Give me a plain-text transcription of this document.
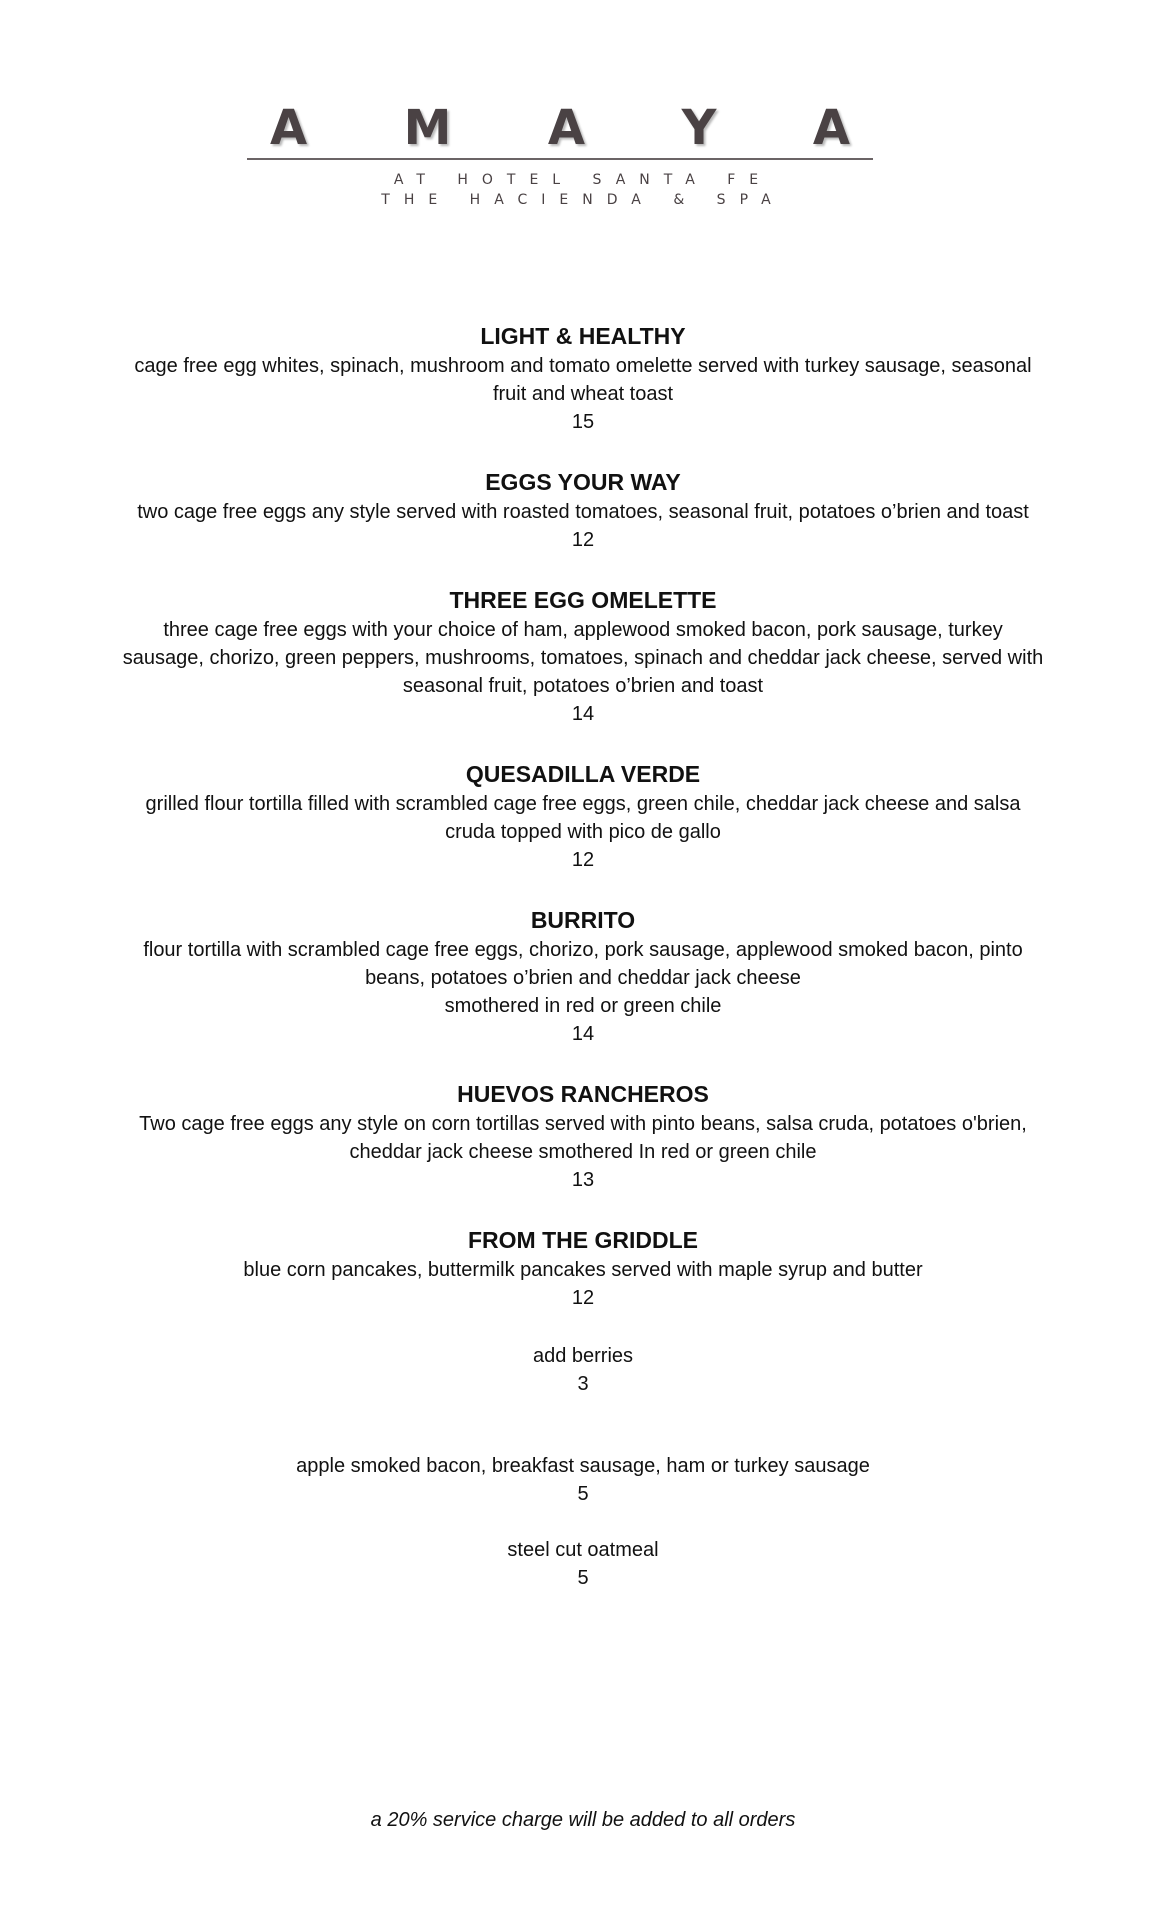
A M A Y A
AT HOTEL SANTA FE
THE HACIENDA & SPA
LIGHT & HEALTHY
cage free egg whites, spinach, mushroom and tomato omelette served with turkey sausage, seasonal fruit and wheat toast
15
EGGS YOUR WAY
two cage free eggs any style served with roasted tomatoes, seasonal fruit, potatoes o’brien and toast
12
THREE EGG OMELETTE
three cage free eggs with your choice of ham, applewood smoked bacon, pork sausage, turkey sausage, chorizo, green peppers, mushrooms, tomatoes, spinach and cheddar jack cheese, served with seasonal fruit, potatoes o’brien and toast
14
QUESADILLA VERDE
grilled flour tortilla filled with scrambled cage free eggs, green chile, cheddar jack cheese and salsa cruda topped with pico de gallo
12
BURRITO
flour tortilla with scrambled cage free eggs, chorizo, pork sausage, applewood smoked bacon, pinto beans, potatoes o’brien and cheddar jack cheese
smothered in red or green chile
14
HUEVOS RANCHEROS
Two cage free eggs any style on corn tortillas served with pinto beans, salsa cruda, potatoes o'brien, cheddar jack cheese smothered In red or green chile
13
FROM THE GRIDDLE
blue corn pancakes, buttermilk pancakes served with maple syrup and butter
12
add berries
3
apple smoked bacon, breakfast sausage, ham or turkey sausage
5
steel cut oatmeal
5
a 20% service charge will be added to all orders
